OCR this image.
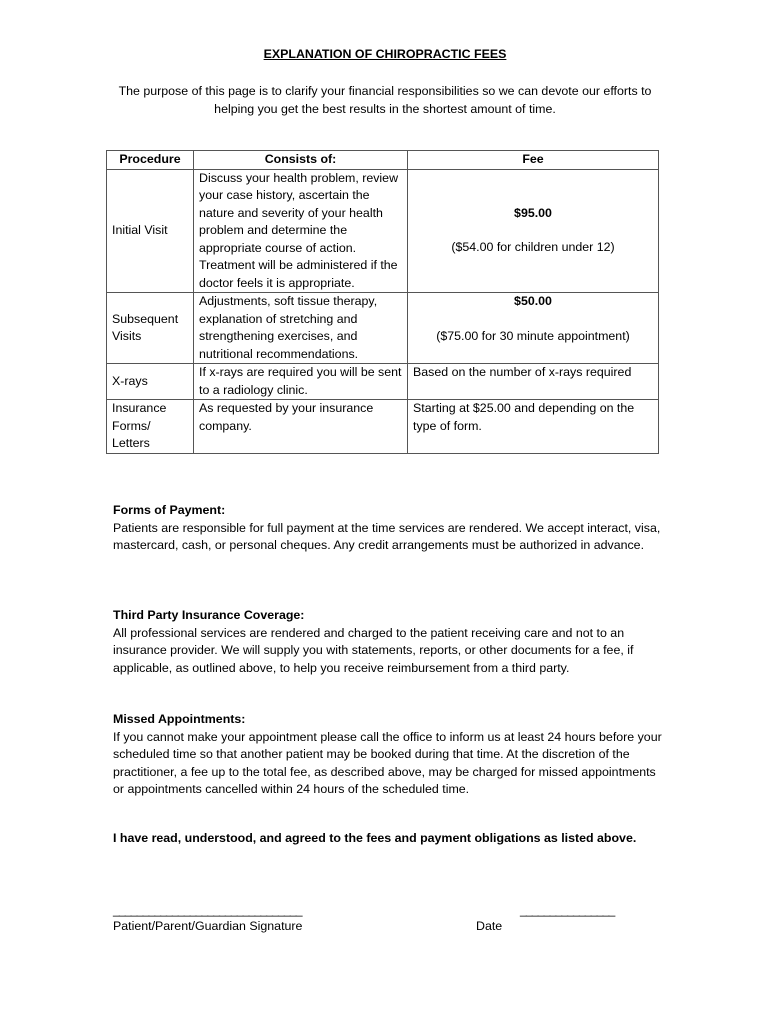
EXPLANATION OF CHIROPRACTIC FEES
The purpose of this page is to clarify your financial responsibilities so we can devote our efforts to helping you get the best results in the shortest amount of time.
Procedure	Consists of:	Fee
Initial Visit	Discuss your health problem, review your case history, ascertain the nature and severity of your health problem and determine the appropriate course of action. Treatment will be administered if the doctor feels it is appropriate.	$95.00
($54.00 for children under 12)

Subsequent Visits	Adjustments, soft tissue therapy, explanation of stretching and strengthening exercises, and nutritional recommendations.	$50.00
($75.00 for 30 minute appointment)

X-rays	If x-rays are required you will be sent to a radiology clinic.	Based on the number of x-rays required
Insurance Forms/ Letters	As requested by your insurance company.	Starting at $25.00 and depending on the type of form.
Forms of Payment:
Patients are responsible for full payment at the time services are rendered. We accept interact, visa, mastercard, cash, or personal cheques. Any credit arrangements must be authorized in advance.
Third Party Insurance Coverage:
All professional services are rendered and charged to the patient receiving care and not to an insurance provider. We will supply you with statements, reports, or other documents for a fee, if applicable, as outlined above, to help you receive reimbursement from a third party.
Missed Appointments:
If you cannot make your appointment please call the office to inform us at least 24 hours before your scheduled time so that another patient may be booked during that time. At the discretion of the practitioner, a fee up to the total fee, as described above, may be charged for missed appointments or appointments cancelled within 24 hours of the scheduled time.
I have read, understood, and agreed to the fees and payment obligations as listed above.
________________________________	________________
Patient/Parent/Guardian Signature	Date
